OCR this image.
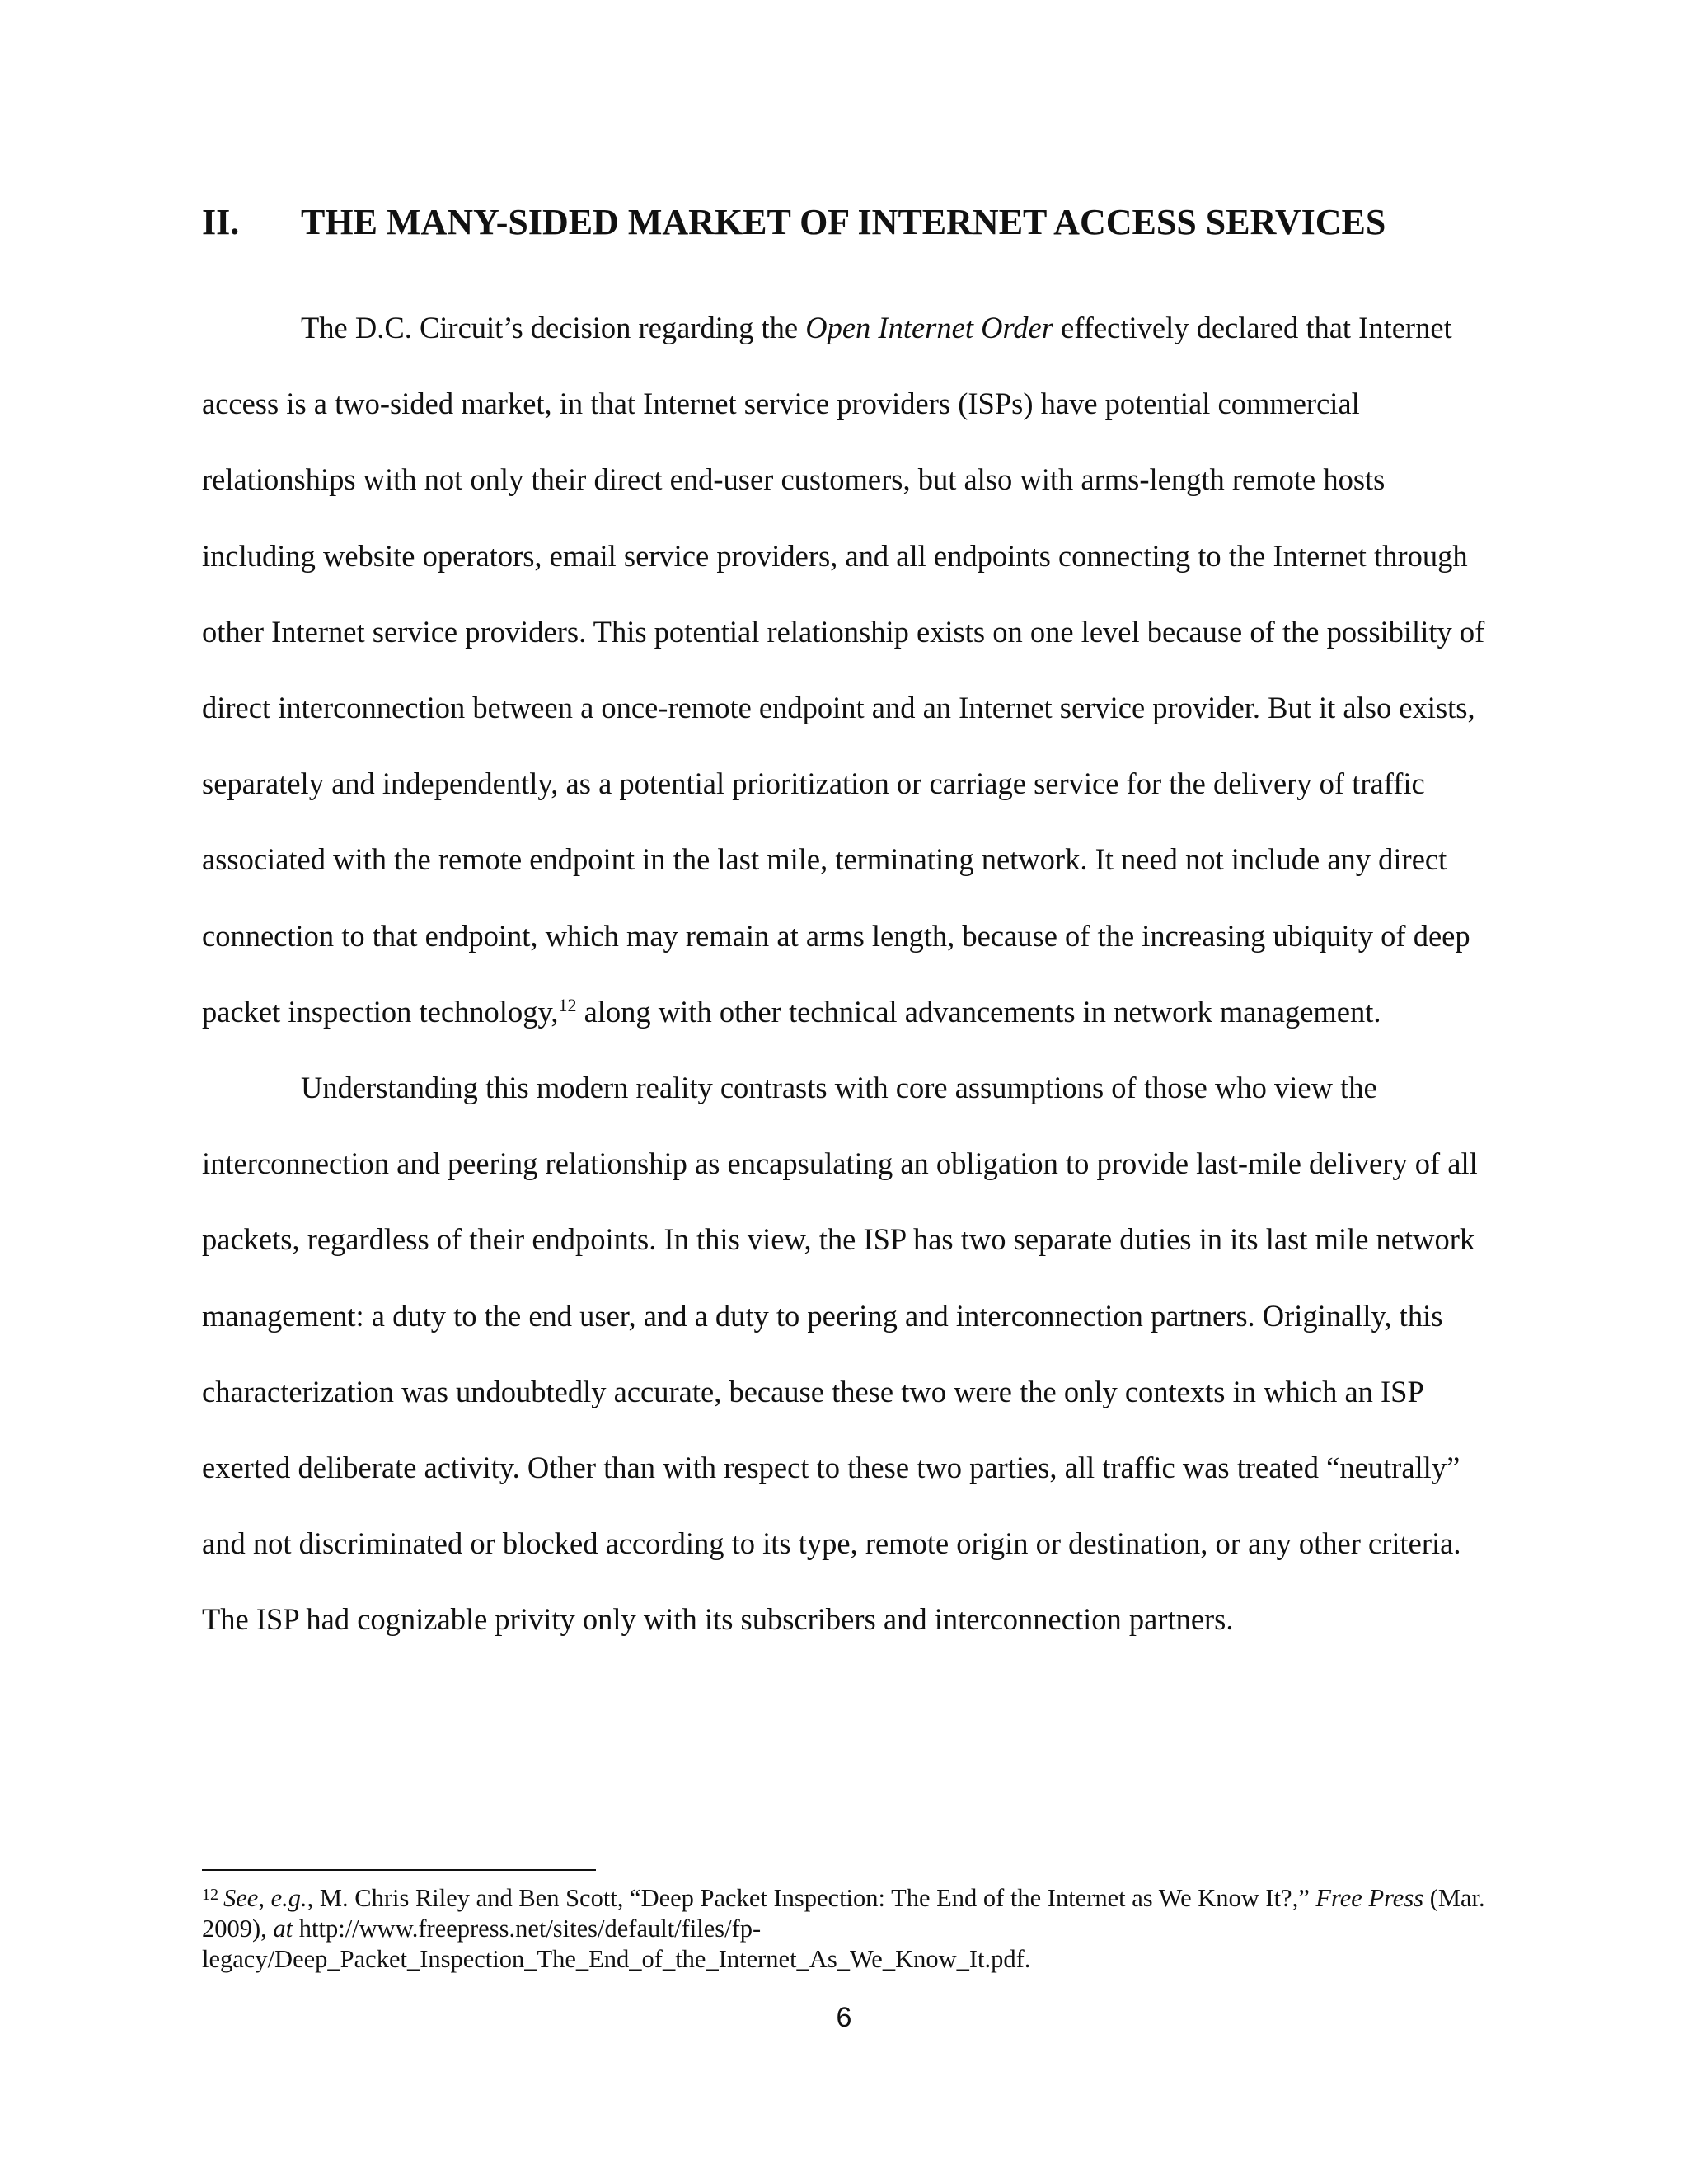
II. THE MANY-SIDED MARKET OF INTERNET ACCESS SERVICES

The D.C. Circuit’s decision regarding the Open Internet Order effectively declared that Internet access is a two-sided market, in that Internet service providers (ISPs) have potential commercial relationships with not only their direct end-user customers, but also with arms-length remote hosts including website operators, email service providers, and all endpoints connecting to the Internet through other Internet service providers. This potential relationship exists on one level because of the possibility of direct interconnection between a once-remote endpoint and an Internet service provider. But it also exists, separately and independently, as a potential prioritization or carriage service for the delivery of traffic associated with the remote endpoint in the last mile, terminating network. It need not include any direct connection to that endpoint, which may remain at arms length, because of the increasing ubiquity of deep packet inspection technology,$^{12}$ along with other technical advancements in network management.

Understanding this modern reality contrasts with core assumptions of those who view the interconnection and peering relationship as encapsulating an obligation to provide last-mile delivery of all packets, regardless of their endpoints. In this view, the ISP has two separate duties in its last mile network management: a duty to the end user, and a duty to peering and interconnection partners. Originally, this characterization was undoubtedly accurate, because these two were the only contexts in which an ISP exerted deliberate activity. Other than with respect to these two parties, all traffic was treated “neutrally” and not discriminated or blocked according to its type, remote origin or destination, or any other criteria. The ISP had cognizable privity only with its subscribers and interconnection partners.

$^{12}$ See, e.g., M. Chris Riley and Ben Scott, “Deep Packet Inspection: The End of the Internet as We Know It?,” Free Press (Mar. 2009), at http://www.freepress.net/sites/default/files/fp-legacy/Deep_Packet_Inspection_The_End_of_the_Internet_As_We_Know_It.pdf.
6
